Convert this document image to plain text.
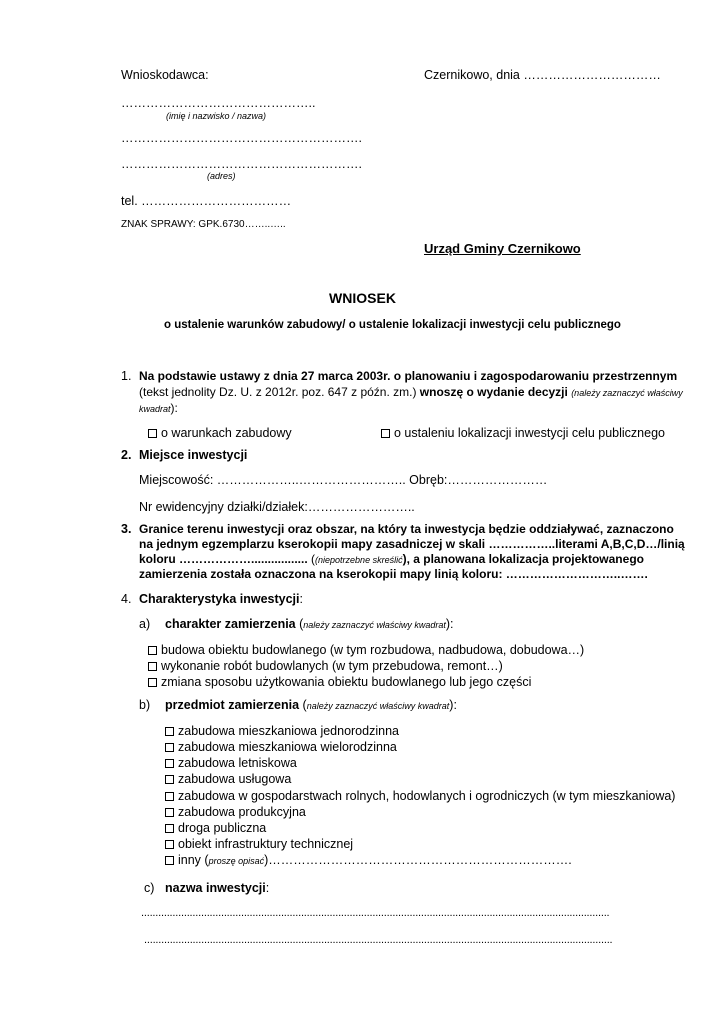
Wnioskodawca:	Czernikowo, dnia ……………………………
………………………………………..
(imię i nazwisko / nazwa)
………………………………………………….
………………………………………………….
(adres)
tel. ………………………………
ZNAK SPRAWY: GPK.6730……..…..
Urząd Gminy Czernikowo
WNIOSEK
o ustalenie warunków zabudowy/ o ustalenie lokalizacji inwestycji celu publicznego
1. Na podstawie ustawy z dnia 27 marca 2003r. o planowaniu i zagospodarowaniu przestrzennym
(tekst jednolity Dz. U. z 2012r. poz. 647 z późn. zm.) wnoszę o wydanie decyzji (należy zaznaczyć właściwy
kwadrat):
o warunkach zabudowy	o ustaleniu lokalizacji inwestycji celu publicznego
2. Miejsce inwestycji
Miejscowość: ………………..…………………….. Obręb:……………………
Nr ewidencyjny działki/działek:……………………..
3. Granice terenu inwestycji oraz obszar, na który ta inwestycja będzie oddziaływać, zaznaczono
na jednym egzemplarzu kserokopii mapy zasadniczej w skali ……………..literami A,B,C,D…/linią
koloru ………………................. ((niepotrzebne skreślić), a planowana lokalizacja projektowanego
zamierzenia została oznaczona na kserokopii mapy linią koloru: ………………………..…….
4. Charakterystyka inwestycji:
a) charakter zamierzenia (należy zaznaczyć właściwy kwadrat):
budowa obiektu budowlanego (w tym rozbudowa, nadbudowa, dobudowa…)
wykonanie robót budowlanych (w tym przebudowa, remont…)
zmiana sposobu użytkowania obiektu budowlanego lub jego części
b) przedmiot zamierzenia (należy zaznaczyć właściwy kwadrat):
zabudowa mieszkaniowa jednorodzinna
zabudowa mieszkaniowa wielorodzinna
zabudowa letniskowa
zabudowa usługowa
zabudowa w gospodarstwach rolnych, hodowlanych i ogrodniczych (w tym mieszkaniowa)
zabudowa produkcyjna
droga publiczna
obiekt infrastruktury technicznej
inny (proszę opisać)……………………………………………………………….
c) nazwa inwestycji:
....................................................................................................................................................................
....................................................................................................................................................................
